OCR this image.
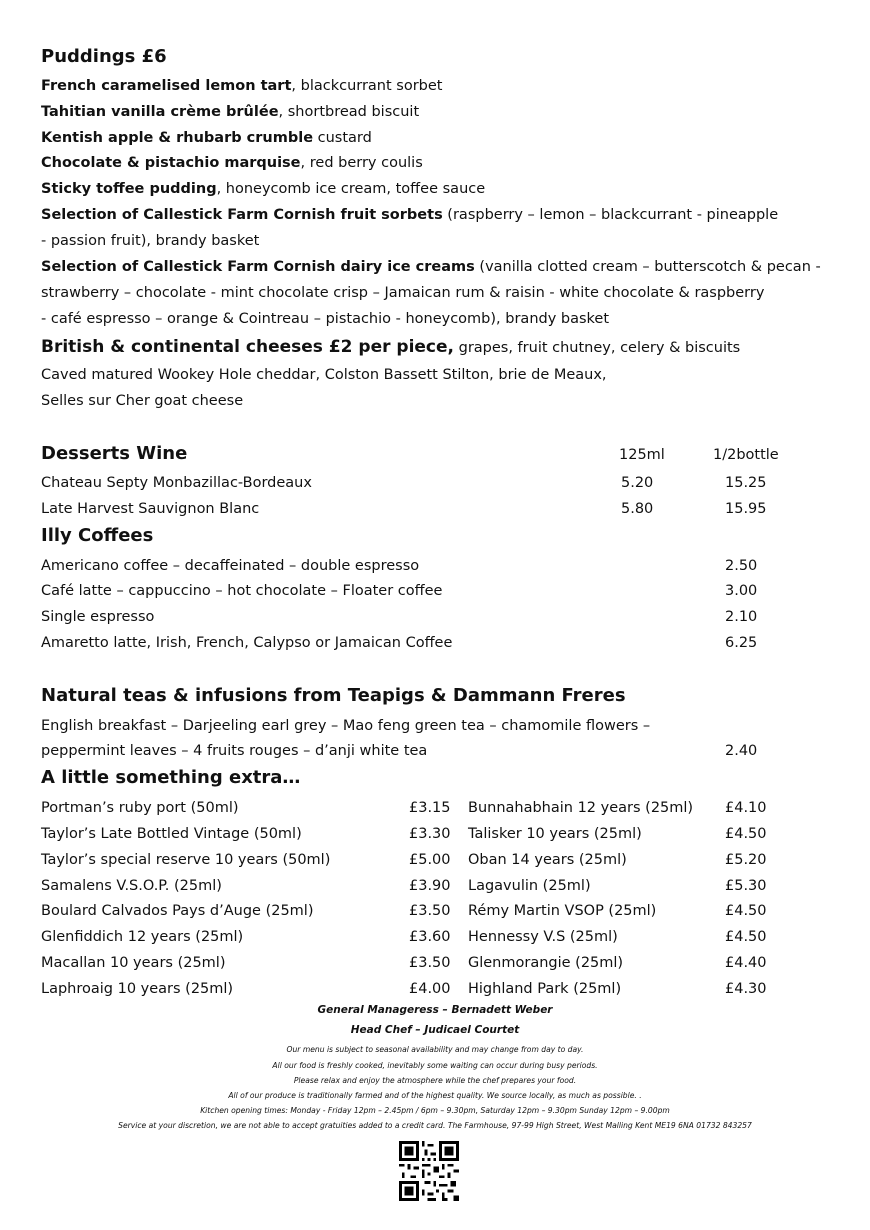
Puddings £6
French caramelised lemon tart, blackcurrant sorbet
Tahitian vanilla crème brûlée, shortbread biscuit
Kentish apple & rhubarb crumble custard
Chocolate & pistachio marquise, red berry coulis
Sticky toffee pudding, honeycomb ice cream, toffee sauce
Selection of Callestick Farm Cornish fruit sorbets (raspberry – lemon – blackcurrant - pineapple
- passion fruit), brandy basket
Selection of Callestick Farm Cornish dairy ice creams (vanilla clotted cream – butterscotch & pecan -
strawberry – chocolate - mint chocolate crisp – Jamaican rum & raisin - white chocolate & raspberry
- café espresso – orange & Cointreau – pistachio - honeycomb), brandy basket
British & continental cheeses £2 per piece, grapes, fruit chutney, celery & biscuits
Caved matured Wookey Hole cheddar, Colston Bassett Stilton, brie de Meaux,
Selles sur Cher goat cheese
Desserts Wine	125ml	1/2bottle
Chateau Septy Monbazillac-Bordeaux	5.20	15.25
Late Harvest Sauvignon Blanc	5.80	15.95
Illy Coffees
Americano coffee – decaffeinated – double espresso	2.50
Café latte – cappuccino – hot chocolate – Floater coffee	3.00
Single espresso	2.10
Amaretto latte, Irish, French, Calypso or Jamaican Coffee	6.25
Natural teas & infusions from Teapigs & Dammann Freres
English breakfast – Darjeeling earl grey – Mao feng green tea – chamomile flowers –
peppermint leaves – 4 fruits rouges – d’anji white tea	2.40
A little something extra…
Portman’s ruby port (50ml)	£3.15 Bunnahabhain 12 years (25ml) £4.10
Taylor’s Late Bottled Vintage (50ml)	£3.30 Talisker 10 years (25ml)	£4.50
Taylor’s special reserve 10 years (50ml)	£5.00 Oban 14 years (25ml)	£5.20
Samalens V.S.O.P. (25ml)	£3.90 Lagavulin (25ml)	£5.30
Boulard Calvados Pays d’Auge (25ml)	£3.50 Rémy Martin VSOP (25ml)	£4.50
Glenfiddich 12 years (25ml)	£3.60 Hennessy V.S (25ml)	£4.50
Macallan 10 years (25ml)	£3.50 Glenmorangie (25ml)	£4.40
Laphroaig 10 years (25ml)	£4.00 Highland Park (25ml)	£4.30
General Manageress – Bernadett Weber
Head Chef – Judicael Courtet
Our menu is subject to seasonal availability and may change from day to day.
All our food is freshly cooked, inevitably some waiting can occur during busy periods.
Please relax and enjoy the atmosphere while the chef prepares your food.
All of our produce is traditionally farmed and of the highest quality. We source locally, as much as possible. .
Kitchen opening times: Monday - Friday 12pm – 2.45pm / 6pm – 9.30pm, Saturday 12pm – 9.30pm Sunday 12pm – 9.00pm
Service at your discretion, we are not able to accept gratuities added to a credit card. The Farmhouse, 97-99 High Street, West Malling Kent ME19 6NA 01732 843257
